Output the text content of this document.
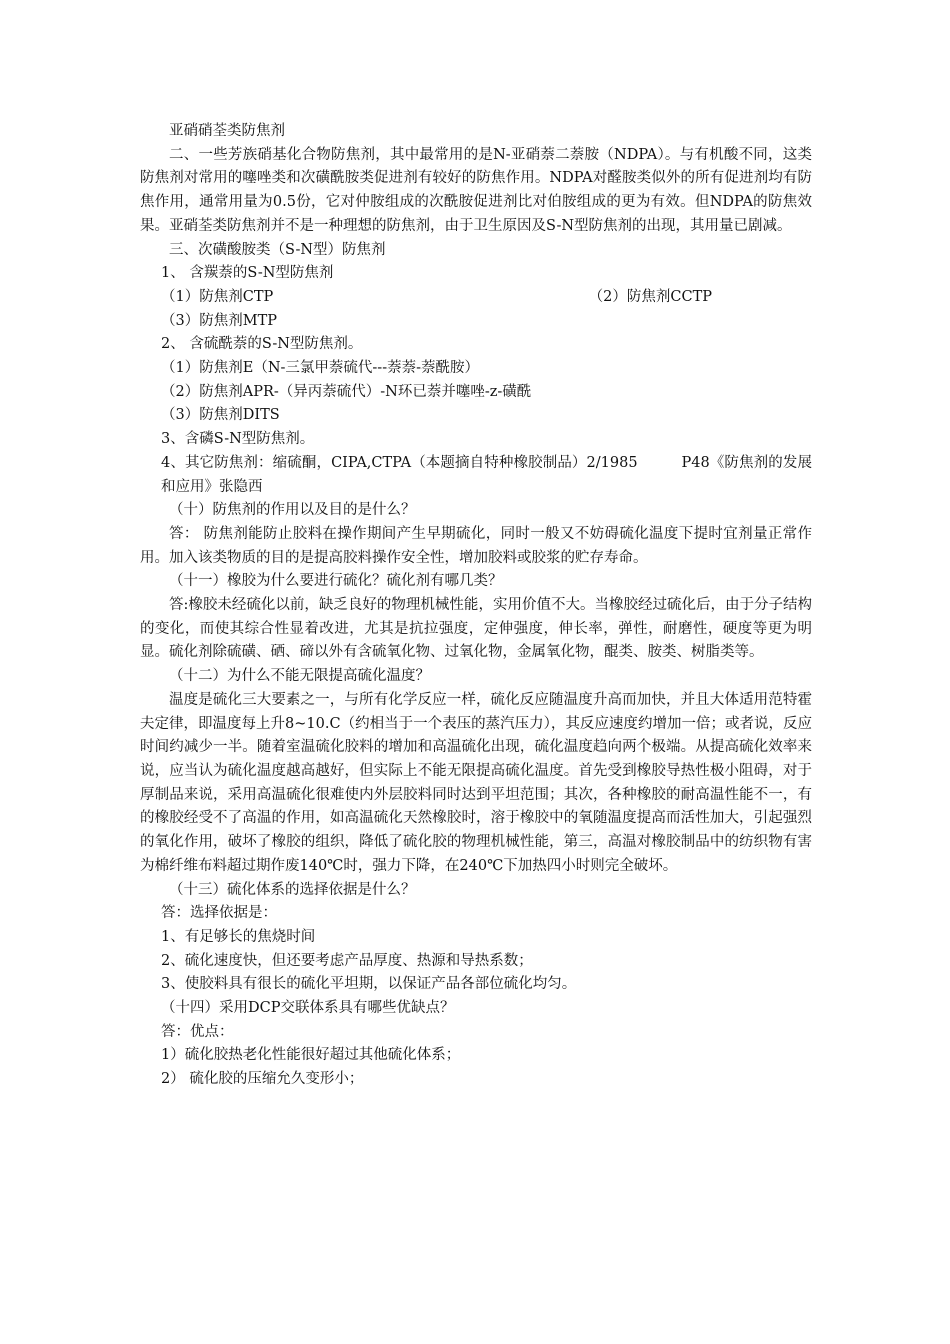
亚硝硝荃类防焦剂

二、一些芳族硝基化合物防焦剂，其中最常用的是N-亚硝萘二萘胺（NDPA）。与有机酸不同，这类防焦剂对常用的噻唑类和次磺酰胺类促进剂有较好的防焦作用。NDPA对醛胺类似外的所有促进剂均有防焦作用，通常用量为0.5份，它对仲胺组成的次酰胺促进剂比对伯胺组成的更为有效。但NDPA的防焦效果。亚硝荃类防焦剂并不是一种理想的防焦剂，由于卫生原因及S-N型防焦剂的出现，其用量已剧减。

三、次磺酸胺类（S-N型）防焦剂

1、 含羰萘的S-N型防焦剂

（1）防焦剂CTP	（2）防焦剂CCTP

（3）防焦剂MTP

2、 含硫酰萘的S-N型防焦剂。

（1）防焦剂E（N-三氯甲萘硫代---萘萘-萘酰胺）

（2）防焦剂APR-（异丙萘硫代）-N环已萘并噻唑-z-磺酰

（3）防焦剂DITS

3、含磷S-N型防焦剂。

4、其它防焦剂：缩硫酮，CIPA,CTPA（本题摘自特种橡胶制品）2/1985　　　P48《防焦剂的发展和应用》张隐西

（十）防焦剂的作用以及目的是什么？

答： 防焦剂能防止胶料在操作期间产生早期硫化，同时一般又不妨碍硫化温度下提时宜剂量正常作用。加入该类物质的目的是提高胶料操作安全性，增加胶料或胶浆的贮存寿命。

（十一）橡胶为什么要进行硫化？硫化剂有哪几类？

答:橡胶未经硫化以前，缺乏良好的物理机械性能，实用价值不大。当橡胶经过硫化后，由于分子结构的变化，而使其综合性显着改进，尤其是抗拉强度，定伸强度，伸长率，弹性，耐磨性，硬度等更为明显。硫化剂除硫磺、硒、碲以外有含硫氧化物、过氧化物，金属氧化物，醌类、胺类、树脂类等。

（十二）为什么不能无限提高硫化温度？

温度是硫化三大要素之一，与所有化学反应一样，硫化反应随温度升高而加快，并且大体适用范特霍夫定律，即温度每上升8~10.C（约相当于一个表压的蒸汽压力），其反应速度约增加一倍；或者说，反应时间约减少一半。随着室温硫化胶料的增加和高温硫化出现，硫化温度趋向两个极端。从提高硫化效率来说，应当认为硫化温度越高越好，但实际上不能无限提高硫化温度。首先受到橡胶导热性极小阻碍，对于厚制品来说，采用高温硫化很难使内外层胶料同时达到平坦范围；其次，各种橡胶的耐高温性能不一，有的橡胶经受不了高温的作用，如高温硫化天然橡胶时，溶于橡胶中的氧随温度提高而活性加大，引起强烈的氧化作用，破坏了橡胶的组织，降低了硫化胶的物理机械性能，第三，高温对橡胶制品中的纺织物有害为棉纤维布料超过期作废140℃时，强力下降，在240℃下加热四小时则完全破坏。

（十三）硫化体系的选择依据是什么？

答：选择依据是：

1、有足够长的焦烧时间

2、硫化速度快，但还要考虑产品厚度、热源和导热系数；

3、使胶料具有很长的硫化平坦期，以保证产品各部位硫化均匀。

（十四）采用DCP交联体系具有哪些优缺点？

答：优点：

1）硫化胶热老化性能很好超过其他硫化体系；

2） 硫化胶的压缩允久变形小；
